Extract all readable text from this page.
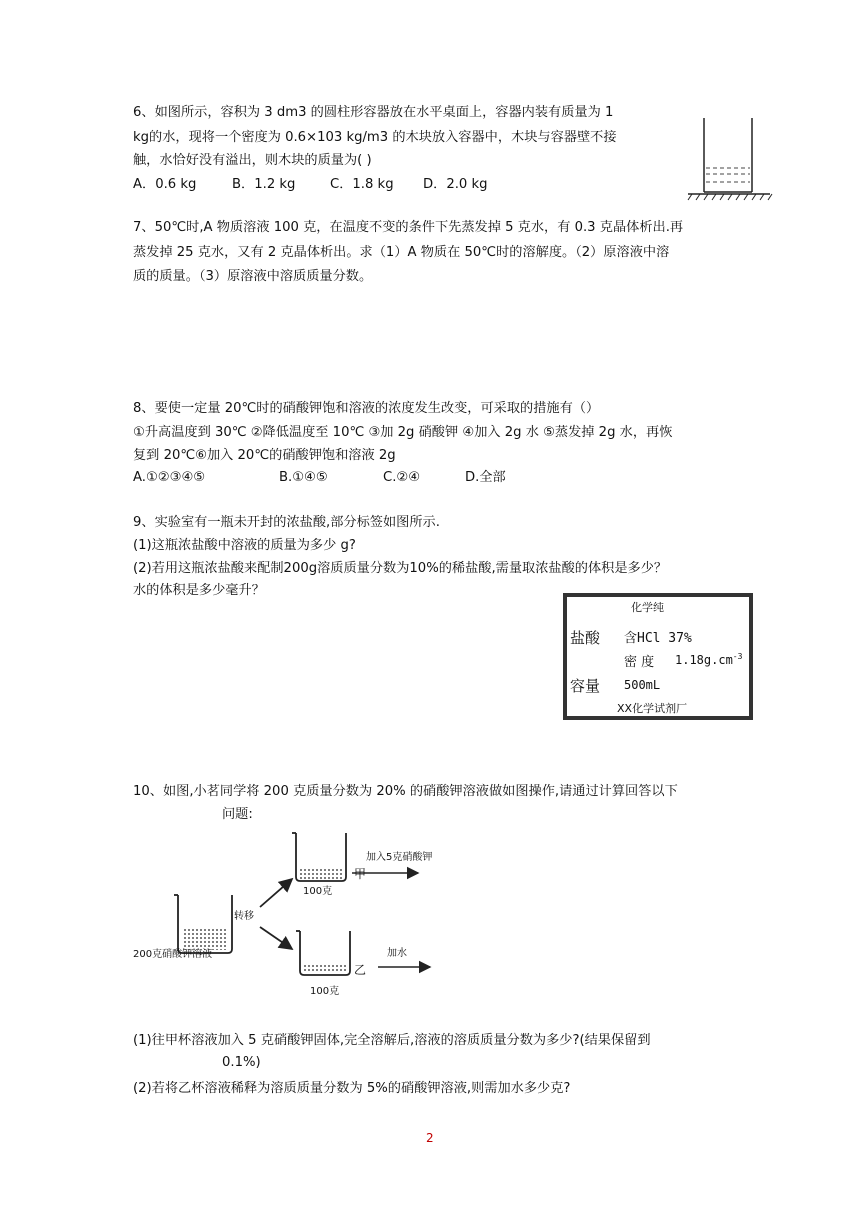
6、如图所示，容积为 3 dm3 的圆柱形容器放在水平桌面上，容器内装有质量为 1
kg的水，现将一个密度为 0.6×103 kg/m3 的木块放入容器中，木块与容器壁不接
触，水恰好没有溢出，则木块的质量为( )
A．0.6 kg	B．1.2 kg	C．1.8 kg D．2.0 kg
7、50℃时,A 物质溶液 100 克，在温度不变的条件下先蒸发掉 5 克水，有 0.3 克晶体析出.再
蒸发掉 25 克水，又有 2 克晶体析出。求（1）A 物质在 50℃时的溶解度。（2）原溶液中溶
质的质量。（3）原溶液中溶质质量分数。
8、要使一定量 20℃时的硝酸钾饱和溶液的浓度发生改变，可采取的措施有（）
①升高温度到 30℃ ②降低温度至 10℃ ③加 2g 硝酸钾 ④加入 2g 水 ⑤蒸发掉 2g 水，再恢
复到 20℃⑥加入 20℃的硝酸钾饱和溶液 2g
A.①②③④⑤	B.①④⑤	C.②④	D.全部
9、实验室有一瓶未开封的浓盐酸,部分标签如图所示.
(1)这瓶浓盐酸中溶液的质量为多少 g?
(2)若用这瓶浓盐酸来配制200g溶质质量分数为10%的稀盐酸,需量取浓盐酸的体积是多少？
水的体积是多少毫升？
化学纯
盐酸 含HCl 37%
密 度 $1.18g.cm^{-3}$
容量 500mL
XX化学试剂厂
10、如图,小茗同学将 200 克质量分数为 20% 的硝酸钾溶液做如图操作,请通过计算回答以下
问题:
200克硝酸钾溶液
转移
100克
甲
加入5克硝酸钾
100克
乙
加水
(1)往甲杯溶液加入 5 克硝酸钾固体,完全溶解后,溶液的溶质质量分数为多少?(结果保留到
0.1%)
(2)若将乙杯溶液稀释为溶质质量分数为 5%的硝酸钾溶液,则需加水多少克?
2
